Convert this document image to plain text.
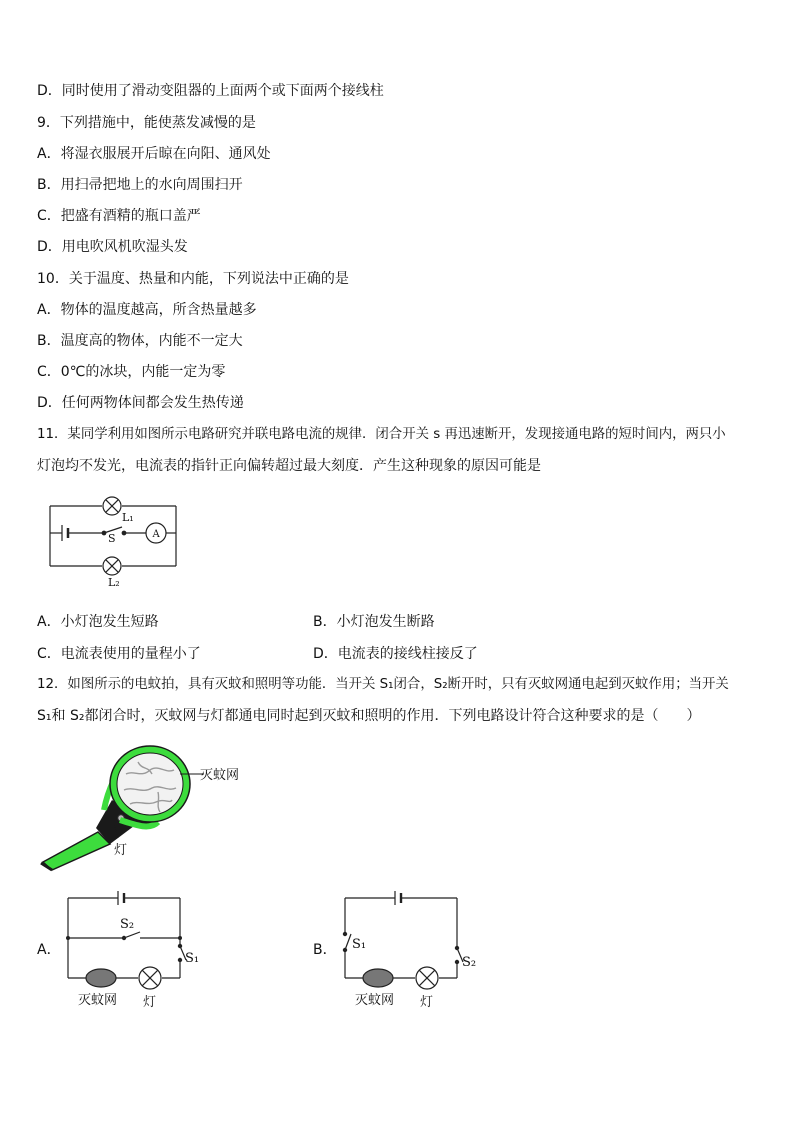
D．同时使用了滑动变阻器的上面两个或下面两个接线柱
9．下列措施中，能使蒸发减慢的是
A．将湿衣服展开后晾在向阳、通风处
B．用扫帚把地上的水向周围扫开
C．把盛有酒精的瓶口盖严
D．用电吹风机吹湿头发
10．关于温度、热量和内能，下列说法中正确的是
A．物体的温度越高，所含热量越多
B．温度高的物体，内能不一定大
C．0℃的冰块，内能一定为零
D．任何两物体间都会发生热传递
11．某同学利用如图所示电路研究并联电路电流的规律．闭合开关 s 再迅速断开，发现接通电路的短时间内，两只小
灯泡均不发光，电流表的指针正向偏转超过最大刻度．产生这种现象的原因可能是
L₁
S	A
L₂
A．小灯泡发生短路	B．小灯泡发生断路
C．电流表使用的量程小了	D．电流表的接线柱接反了
12．如图所示的电蚊拍，具有灭蚊和照明等功能．当开关 S₁闭合，S₂断开时，只有灭蚊网通电起到灭蚊作用；当开关
S₁和 S₂都闭合时，灭蚊网与灯都通电同时起到灭蚊和照明的作用．下列电路设计符合这种要求的是（　　）
灭蚊网
灯
A．
S₂
S₁
灭蚊网 灯
B． S₁
S₂
灭蚊网 灯
